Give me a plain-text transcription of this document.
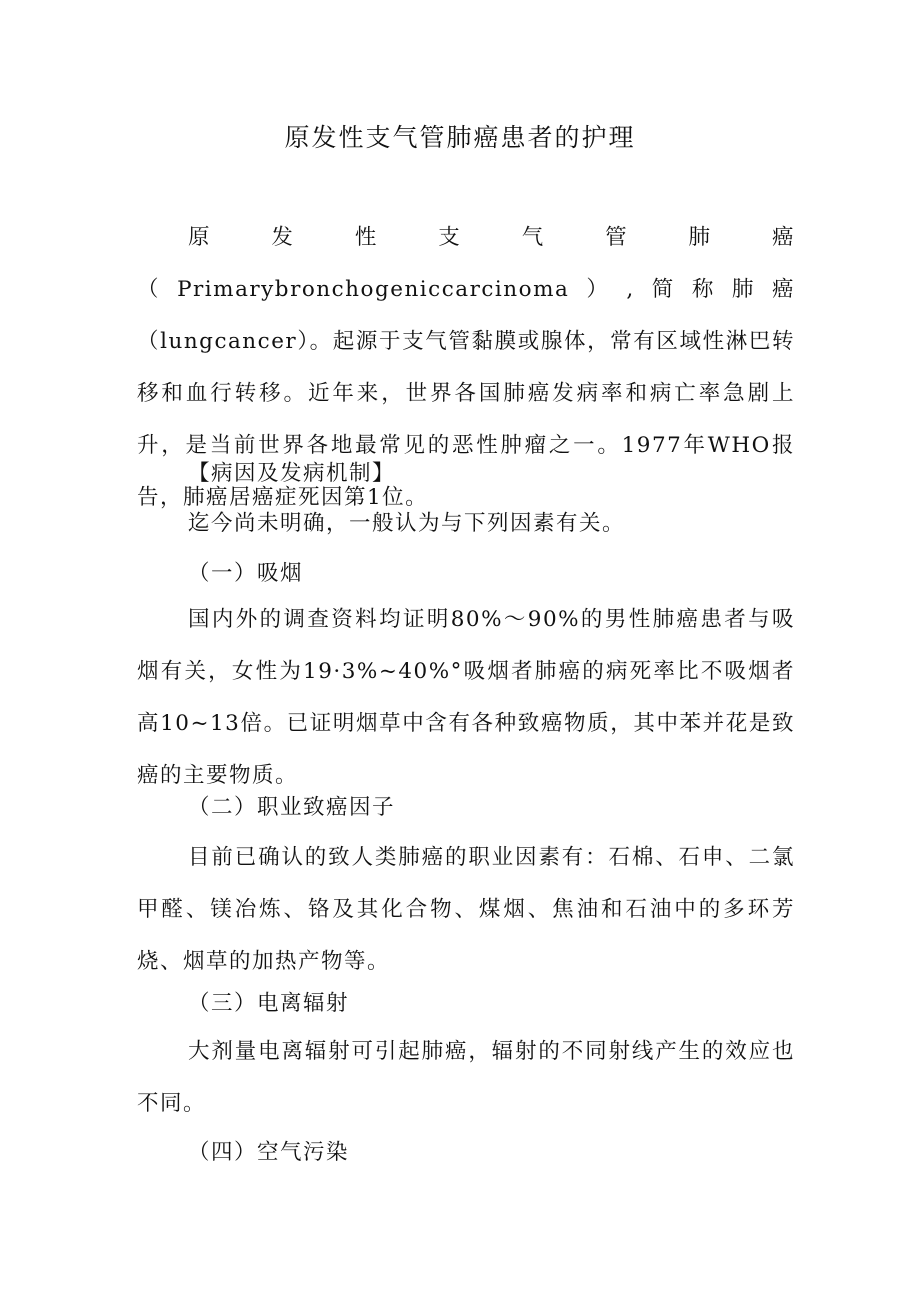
原发性支气管肺癌患者的护理

原发性支气管肺癌（Primarybronchogeniccarcinoma）,简称肺癌（lungcancer）。起源于支气管黏膜或腺体，常有区域性淋巴转移和血行转移。近年来，世界各国肺癌发病率和病亡率急剧上升，是当前世界各地最常见的恶性肿瘤之一。1977年WHO报告，肺癌居癌症死因第1位。

【病因及发病机制】

迄今尚未明确，一般认为与下列因素有关。

（一）吸烟

国内外的调查资料均证明80%～90%的男性肺癌患者与吸烟有关，女性为19·3%~40%°吸烟者肺癌的病死率比不吸烟者高10~13倍。已证明烟草中含有各种致癌物质，其中苯并花是致癌的主要物质。

（二）职业致癌因子

目前已确认的致人类肺癌的职业因素有：石棉、石申、二氯甲醛、镁冶炼、铬及其化合物、煤烟、焦油和石油中的多环芳烧、烟草的加热产物等。

（三）电离辐射

大剂量电离辐射可引起肺癌，辐射的不同射线产生的效应也不同。

（四）空气污染
